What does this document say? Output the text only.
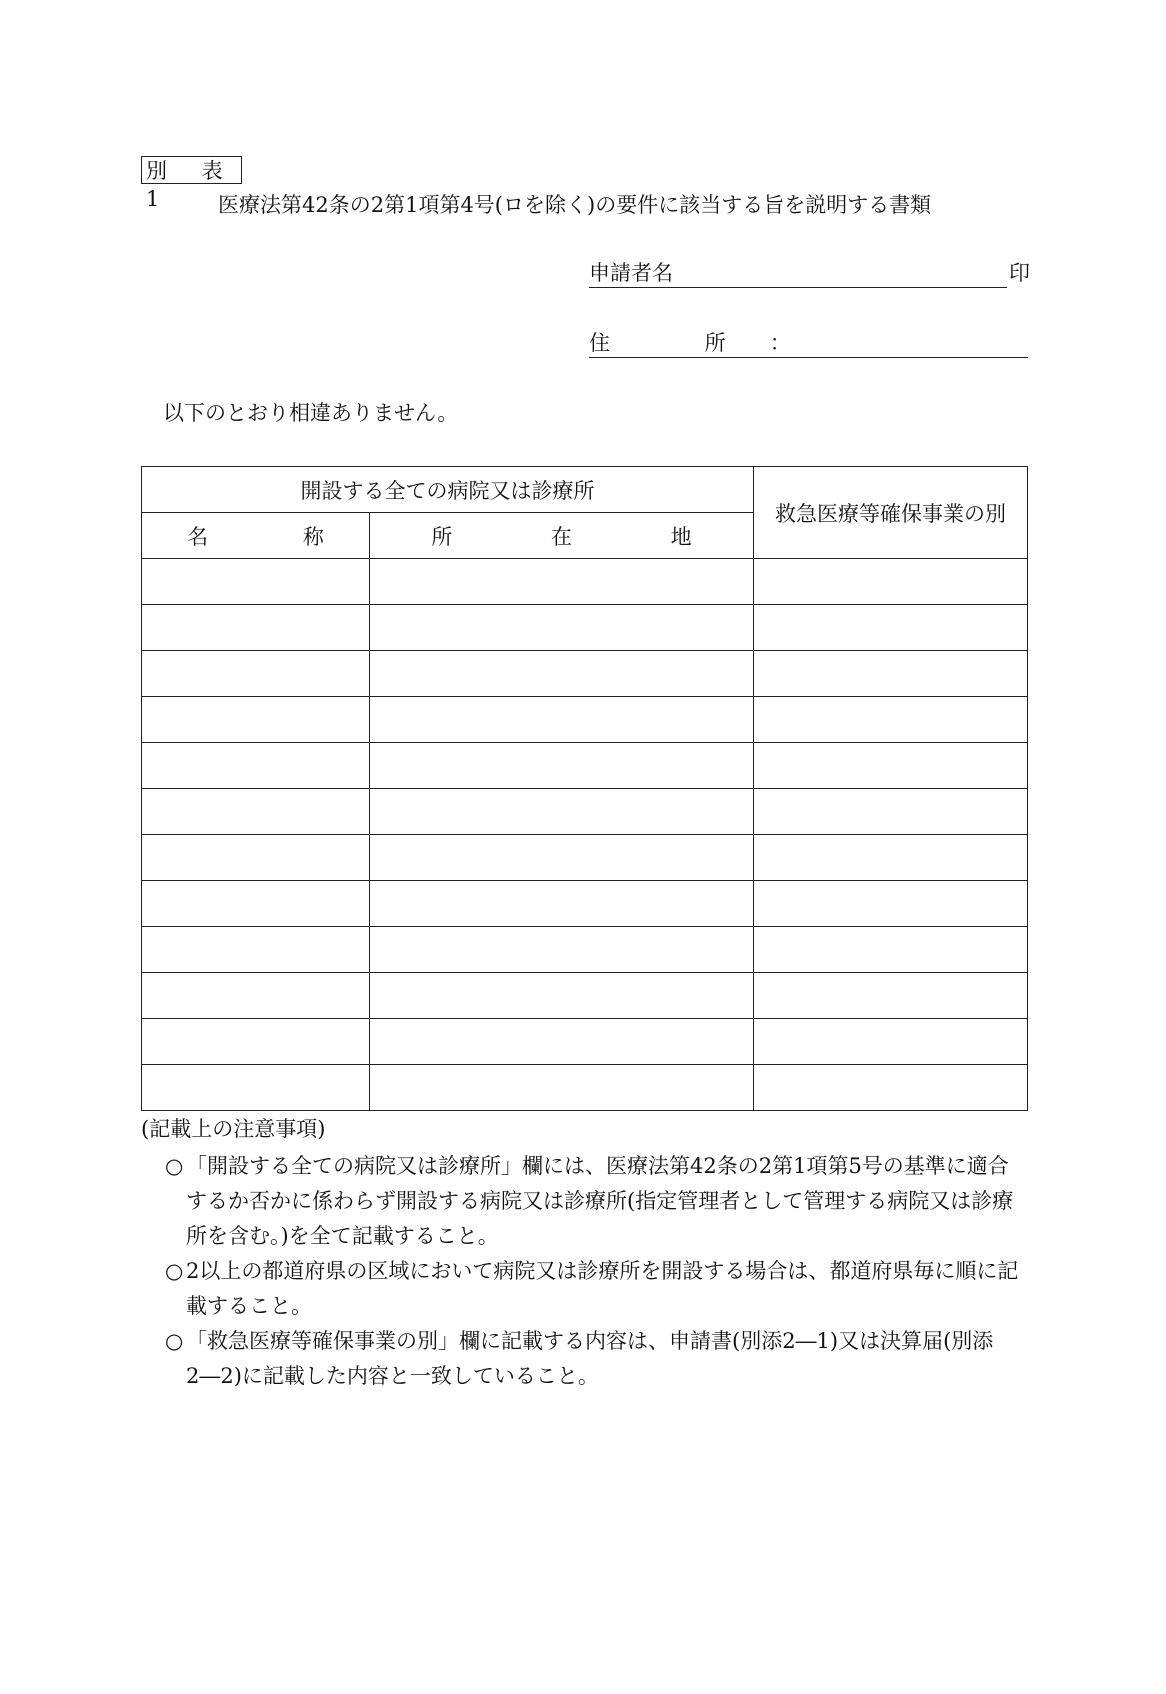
別 表 1	医療法第42条の2第1項第4号(ロを除く)の要件に該当する旨を説明する書類
申請者名	印
住 所：
以下のとおり相違ありません。
開設する全ての病院又は診療所		救急医療等確保事業の別
名 称	所 在 地	

(記載上の注意事項)
○ 「開設する全ての病院又は診療所」欄には、医療法第42条の2第1項第5号の基準に適合するか否かに係わらず開設する病院又は診療所(指定管理者として管理する病院又は診療所を含む。)を全て記載すること。
○ 2以上の都道府県の区域において病院又は診療所を開設する場合は、都道府県毎に順に記載すること。
○ 「救急医療等確保事業の別」欄に記載する内容は、申請書(別添2―1)又は決算届(別添2―2)に記載した内容と一致していること。
